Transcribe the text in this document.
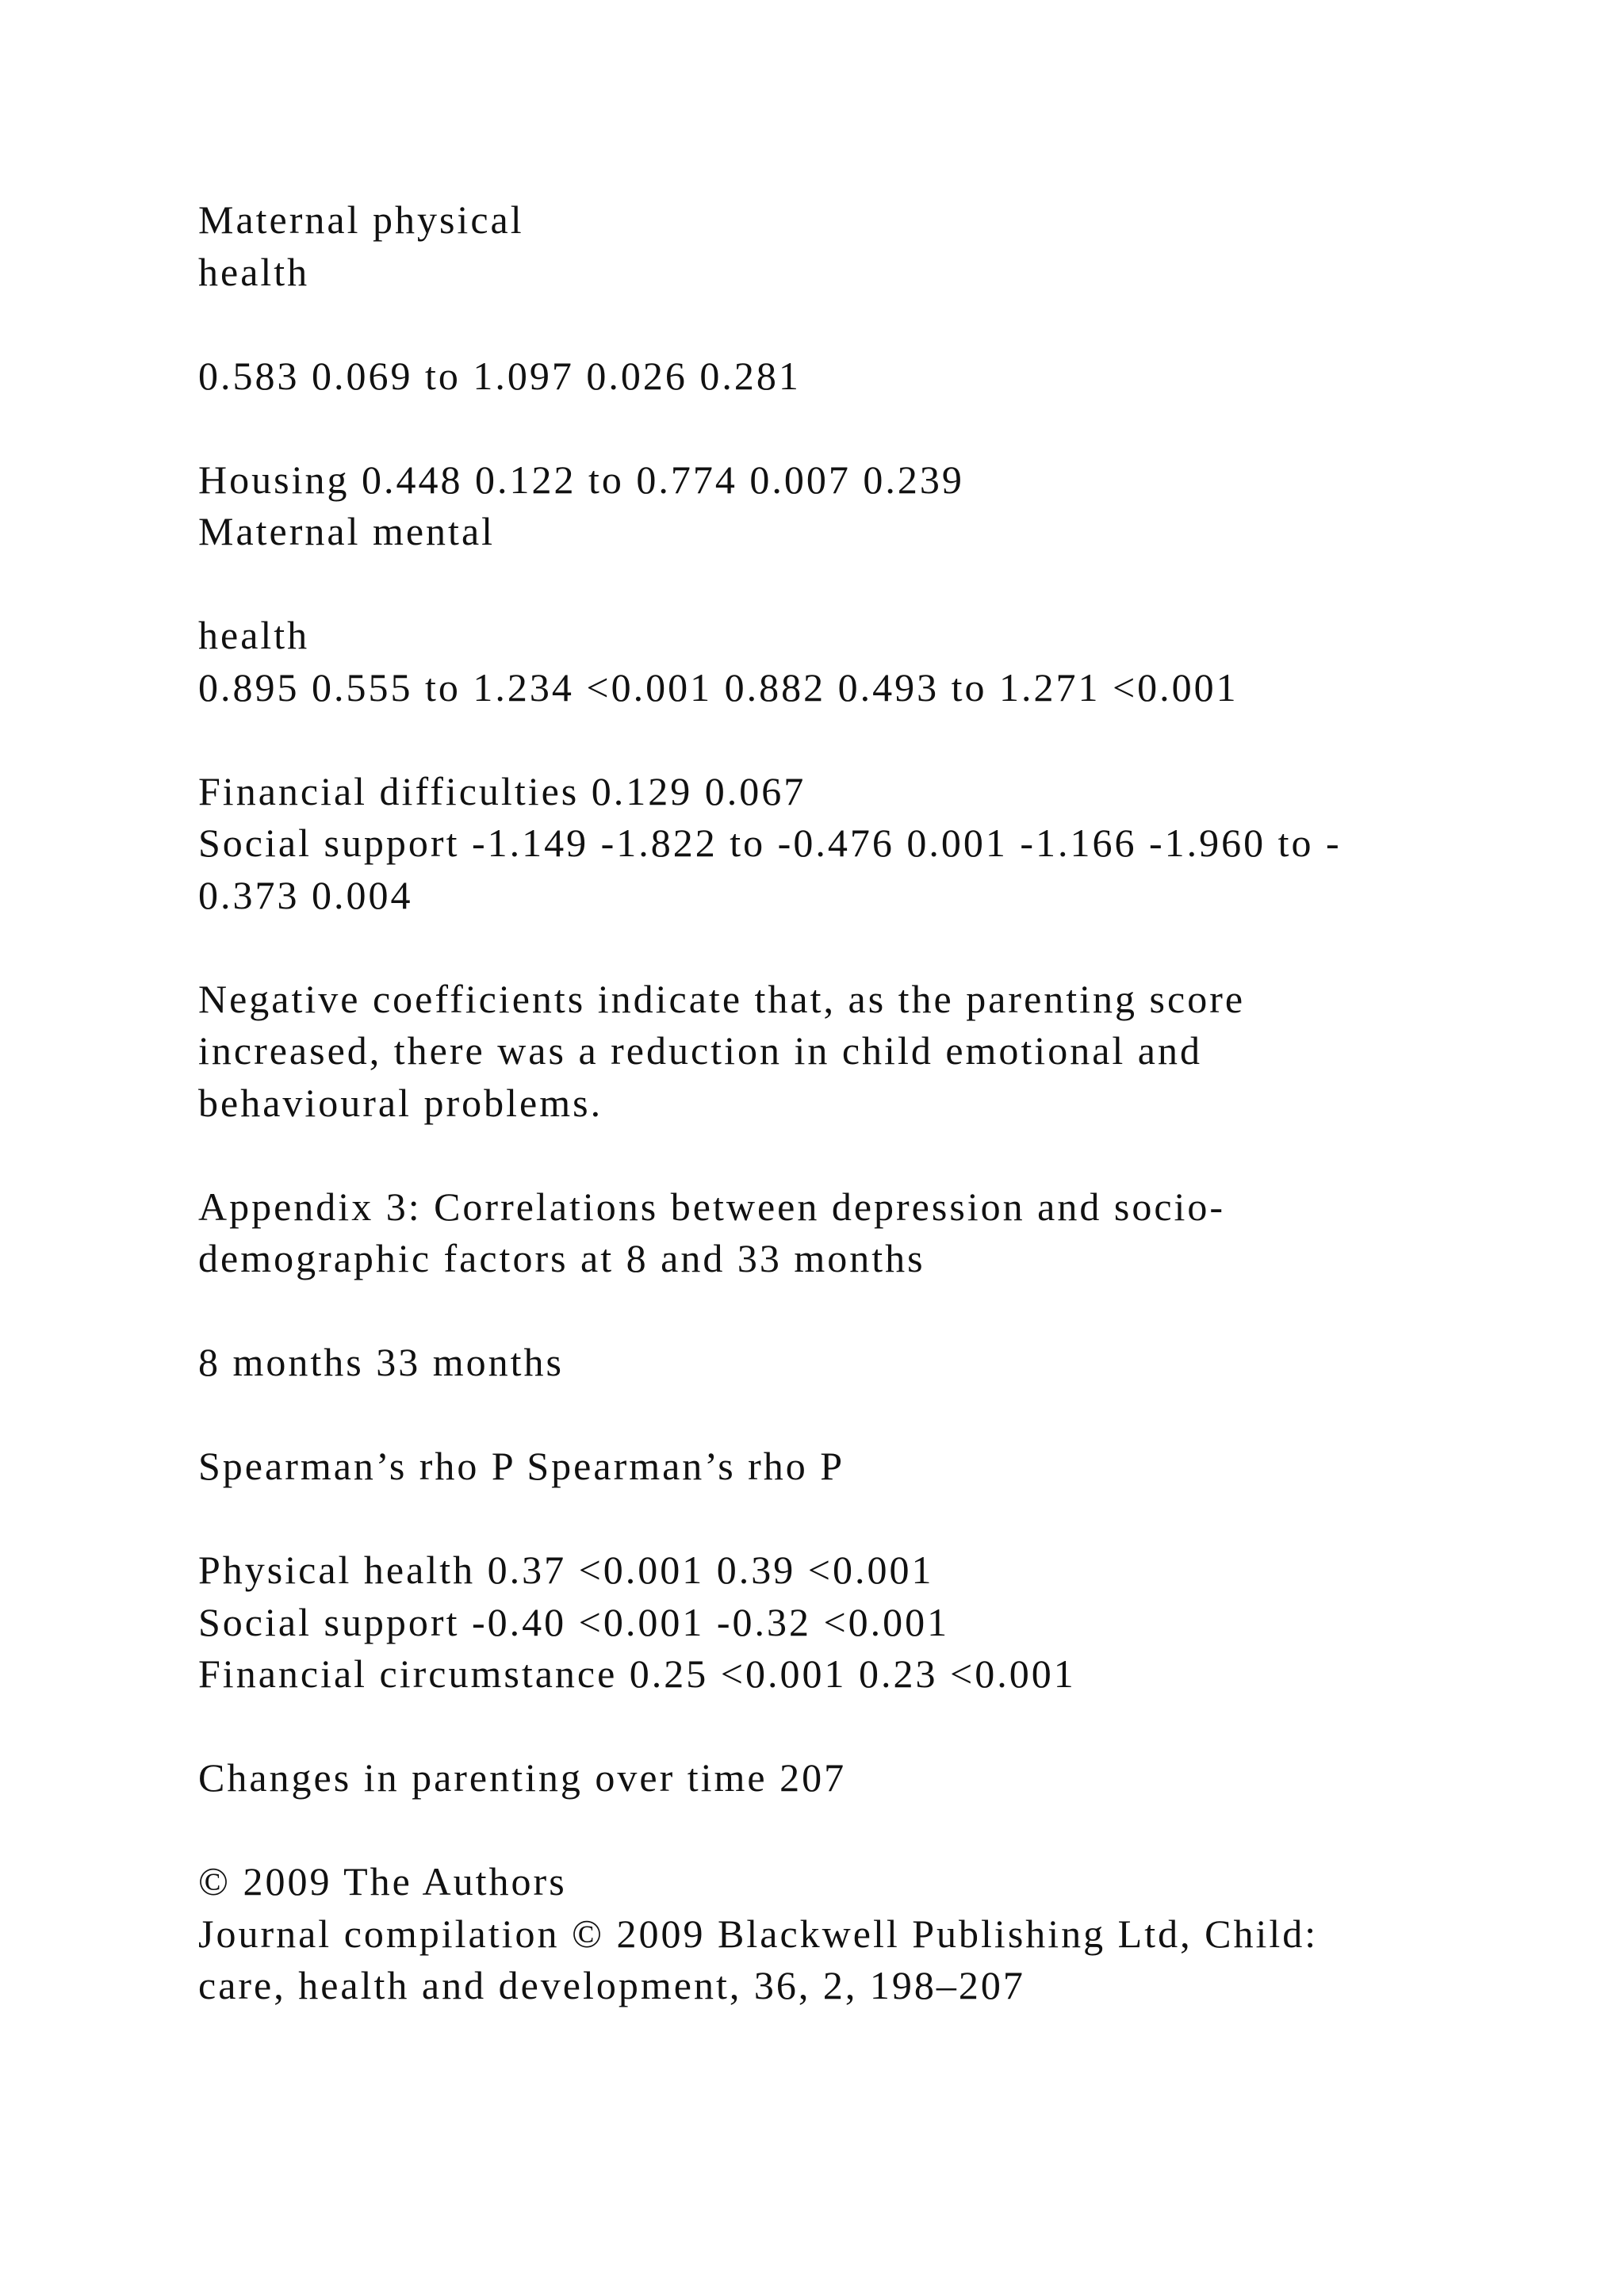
Maternal physical
health
0.583 0.069 to 1.097 0.026 0.281
Housing 0.448 0.122 to 0.774 0.007 0.239
Maternal mental
health
0.895 0.555 to 1.234 <0.001 0.882 0.493 to 1.271 <0.001
Financial difficulties 0.129 0.067
Social support -1.149 -1.822 to -0.476 0.001 -1.166 -1.960 to -
0.373 0.004
Negative coefficients indicate that, as the parenting score
increased, there was a reduction in child emotional and
behavioural problems.
Appendix 3: Correlations between depression and socio-
demographic factors at 8 and 33 months
8 months 33 months
Spearman’s rho P Spearman’s rho P
Physical health 0.37 <0.001 0.39 <0.001
Social support -0.40 <0.001 -0.32 <0.001
Financial circumstance 0.25 <0.001 0.23 <0.001
Changes in parenting over time 207
© 2009 The Authors
Journal compilation © 2009 Blackwell Publishing Ltd, Child:
care, health and development, 36, 2, 198–207
